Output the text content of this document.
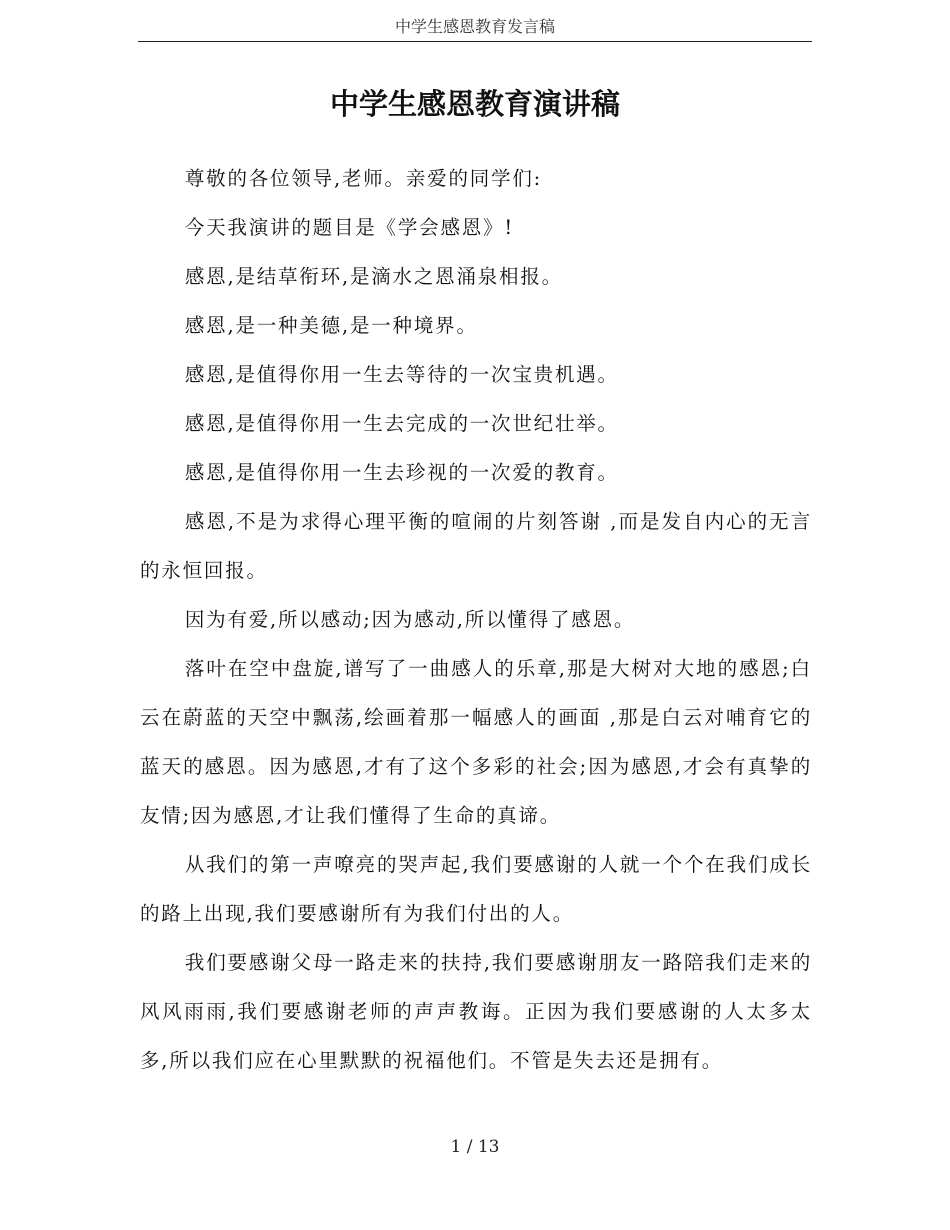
中学生感恩教育发言稿
中学生感恩教育演讲稿

尊敬的各位领导,老师。亲爱的同学们:

今天我演讲的题目是《学会感恩》!

感恩,是结草衔环,是滴水之恩涌泉相报。

感恩,是一种美德,是一种境界。

感恩,是值得你用一生去等待的一次宝贵机遇。

感恩,是值得你用一生去完成的一次世纪壮举。

感恩,是值得你用一生去珍视的一次爱的教育。

感恩,不是为求得心理平衡的喧闹的片刻答谢 ,而是发自内心的无言的永恒回报。

因为有爱,所以感动;因为感动,所以懂得了感恩。

落叶在空中盘旋,谱写了一曲感人的乐章,那是大树对大地的感恩;白云在蔚蓝的天空中飘荡,绘画着那一幅感人的画面 ,那是白云对哺育它的蓝天的感恩。因为感恩,才有了这个多彩的社会;因为感恩,才会有真挚的友情;因为感恩,才让我们懂得了生命的真谛。

从我们的第一声嘹亮的哭声起,我们要感谢的人就一个个在我们成长的路上出现,我们要感谢所有为我们付出的人。

我们要感谢父母一路走来的扶持,我们要感谢朋友一路陪我们走来的风风雨雨,我们要感谢老师的声声教诲。正因为我们要感谢的人太多太多,所以我们应在心里默默的祝福他们。不管是失去还是拥有。

1 / 13
